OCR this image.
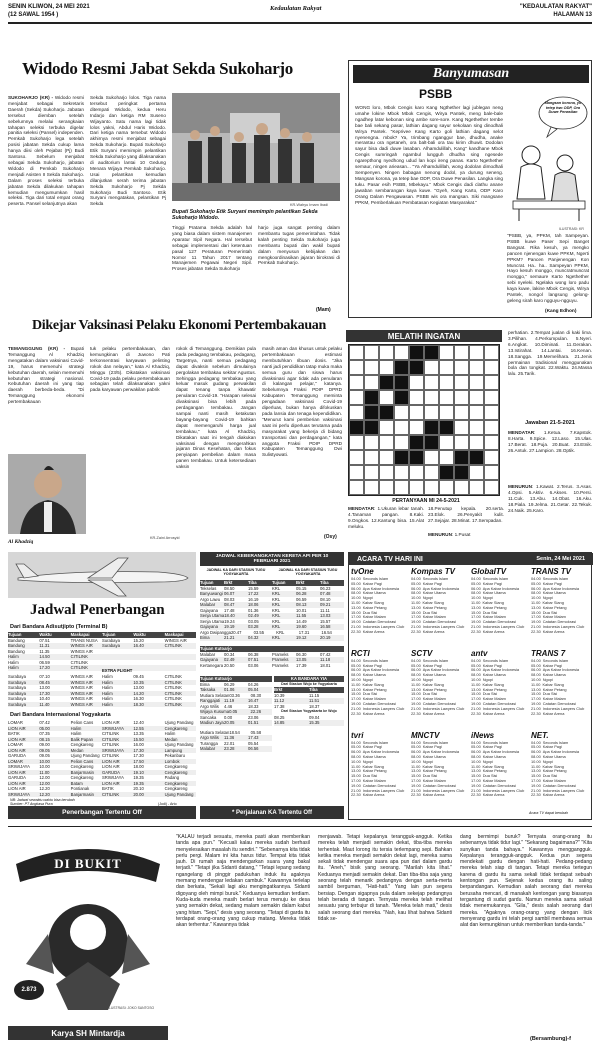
SENIN KLIWON, 24 MEI 2021
(12 SAWAL 1954 )
Kedaulatan Rakyat	"KEDAULATAN RAKYAT"
HALAMAN 13
Widodo Resmi Jabat Sekda Sukoharjo
SUKOHARJO (KR) - Widodo resmi menjabat sebagai Sekretaris Daerah (Sekda) Sukoharjo. Jabatan tersebut diemban setelah sebelumnya melalui serangkaian tahapan seleksi terbuka digelar panitia seleksi (Pansel) independen. Pemkab Sukoharjo lega setelah posisi jabatan Sekda cukup lama hanya diisi oleh Pejabat (Pj) Budi Santoso. Sebelum menjabat sebagai Sekda Sukoharjo, jabatan Widodo di Pemkab Sukoharjo menjadi Asisten II Sekda Sukoharjo. Dalam proses seleksi terbuka jabatan Sekda dilakukan tahapan kemudian mengumumkan hasil seleksi. Tiga dari total empat orang peserta. Pansel selanjutnya akan
Sekda Sukoharjo lolos. Tiga nama tersebut peringkat pertama ditempati Widodo, kedua Heru Indarjo dan ketiga RM Suseno Wijayanto. Satu nama lagi tidak lolos yakni, Abdul Haris Widodo. Dari ketiga nama tersebut Widodo akhirnya resmi menjabat sebagai Sekda Sukoharjo. Bupati Sukoharjo Etik Suryani memimpin pelantikan Sekda Sukoharjo yang dilaksanakan di auditorium lantai 10 Gedung Menara Wijaya Pemkab Sukoharjo. Usai pelantikan kemudian dilanjutkan serah terima jabatan Sekda Sukoharjo Pj Sekda Sukoharjo Budi Santoso. Etik Suryani mengatakan, pelantikan Pj Sekda	KR-Wahyu Imam Ibadi
Bupati Sukoharjo Etik Suryani memimpin pelantikan Sekda Sukoharjo Widodo.
Tinggi Pratama Sekda adalah hal yang biasa dalam sistem manajemen Aparatur Sipil Negara. Hal tersebut sebagai implementasi dari ketentuan pasal 127 Peraturan Pemerintah Nomor 11 Tahun 2017 tentang Manajemen Pegawai Negeri Sipil. Proses jabatan Sekda Sukoharjo
harjo juga sangat penting dalam membantu tugas pemerintahan. Tidak kalah penting Sekda Sukoharjo juga membantu bupati dan wakil bupati dalam menyusun kebijakan dan mengkoordinasikan jajaran birokrasi di Pemkab Sukoharjo.
(Mam)
Banyumasan
PSBB
WONG loro, Mbok Cengis karo Kang Ngthether lagi jublegan neng umahe lokine Mbok Mbok Cengis, Wirya Pantek, meng bale-bale ngadhep latar kebonan sing ambe sore-sore. Kang Ngethether tembe bae bali sekang pasar, lathian dagang sayur sekolaan sing dinodhali Wirya Pantek. "Keprivee Kang Karto goli lathian dagang selot nyenengna. mbok? Ya, trimbang nganggur bae, dhudha, anake merantau ora ngetaneh, ora balt-bali ora tau kirim dhuwit. Dodolan sayur bisa dadi duwe lasaban. Alhamdulillah, Kang" kandhane Mbok Cengis sumringah ngambul lungguh dhudha sing ngesede ngarepthong nyedhong udud lan kopi ireng panas. Karto Ngethether semaur, ningen arieasan... "Ya Alhamdulillah, wong dodolan dimodhali Sempenyen. Ningen babagan nenong dodol, ya durung seneng. Mangsan korona, ya tetep bae ODP, Ora Duwe Penasilan. Langka sing tuku. Pasar esih PSBB, Mbekayu." Mbok Cengis dadi clathu anane jawaban sembarangan kaya kuwe. "Gyeh, Kang Karto, ODP Karo Orang Dalam Pengawasan. PSBB wis ora mangsan. Siki mangsane PPKM, Pemberlakuan Pembatasan Kegiatan Masyarakat."
Mangsan korona, yo tetep two ODP, Ora Duwe Penasilan
ILUSTRASI: KR
"PSBB, ya, PPKM, tah Sampeyan. PSBB kuwe Paser Sepi Banget Bangsat. Rika kesuh, ya mengko pancen njenengan kuwe PPKM, Ngerti PPKM? Pancen Panjenengan Kon Muncrat. Ha.. ha.. Sampeyan PPKM, Hayo kesuh monggo, muncratmuncrat monggo," semaure Karto Ngethether sebi nyeleki. Ngelaka wong loro padu kaya kuwe, lakine Mbok Cengis, Wirya Pantek, nongol langsung gelong-geleng sirah karo ngguyu-ngguyu.
(Kang Edhon)
Dikejar Vaksinasi Pelaku Ekonomi Pertembakauan
TEMANGGUNG (KR) - Bupati Temanggung Al Khadziq mengatakan dalam vaksinasi Covid-19, harus memenuhi strategi kebutuhan daerah, selain memenuhi kebutuhan strategi nasional. Kebutuhan daerah ini yang tiap daerah berbeda-beda. "Di Temanggung ekonomi pertembakauan
KR-Zaini Arrosyid
Al Khadziq
tuk pelaku pertembakauan, dan kemungkinan di Juwono Pati terkonsentrasi karyawan pelinting rokok dan nelayan," kata Al Khadziq, Minggu (23/5). Dikatakan vaksinasi Covid-19 pada pelaku pertembakauan sebagian telah dilaksanakan yakni pada karyawan perwakilan pabrik
rokok di Temanggung. Demikian pula pada pedagang tembakau, pedagang, Targetnya, nanti semua pedagang dapat divaksin sebelum dimulainya pergolakan tembakau sekitar Agustus. Sehingga pedagang tembakau yang keluar masuk gudang perwakilan dapat tenang tanpa khawatir penularan Covid-19. "Harapan selesai divaksinasi bisa lebih pada perdagangan tembakau. Jangan sampai nanti masih ketakutan bayang-bayang Covid-19 bahkan dapat memengaruhi harga jual tembakau," kata Al Khadziq. Dikatakan saat ini tengah diakukan vaksinasi dengan mengerahkan jajaran Dinas Kesehatan, dan fokus penyiapan pembelian dalam masa panen tembakau. Untuk ketersediaan vaksin
masih aman dan khusus untuk pelaku pertembakauan estimasi membutuhkan ribuan dosis. "Jika nanti jadi pendidikan tatap muka maka semua guru dan siswa harus divaksinasi agar tidak ada penularan di kalangan pelajar," katanya. Sebelumnya Fraksi PDIP DPRD Kabupaten Temanggung meminta pengadaan vaksinasi Covid-19 diperluas, bukan hanya difokuskan pada lansia dan tenaga kependidikan. "Menurut kami pemberian vaksinasi saat ini perlu diperluas terutama pada masyarakat yang bekerja di bidang transportasi dan perdagangan," kata anggota Fraksi PDIP DPRD Kabupaten Temanggung Dwi Sulistyowati.
(Osy)
MELATIH INGATAN
PERTANYAAN MI 24-5-2021
MENDATAR: 1.Ukuran lebar tanah. 4.Tanaman pangan. 8.Kaki. 9.Ongkos. 12.Kantung bisa. 15.Alat meluku.
18.Penutup kepala. 20.serta. 23.Elok. 26.Penyakit kulit. 27.Sejajar. 28.Minat. 17.Sempadan.
MENURUN: 1.Pusat
perhatian. 2.Tempat jualan di kaki lima. 3.Pilihan. 4.Perkumpulan. 5.Nyeri. 6.Angkat. 10.Diminati. 11.Gerakan. 13.Istirahat. 14.Lantai. 16.Kenan. 18.Sangga. 19.Memelihara. 21.Jenis permainan tradisional menggunakan bola dan tongkat. 22.Waktu. 24.Massa lalu. 25.Tarik.
Jawaban 21-5-2021
MENDATAR: 1.Ketua. 7.Kapstok. 8.Harta. 9.Spice. 12.Laso. 15.Ulas. 17.Berat. 18.Puja. 20.Buat. 23.Etnik. 26.Antuk. 27.Lampion. 28.Optik.
MENURUN: 1.Kawat. 2.Terus. 3.Asas. 4.Opsi. 5.Aktiv. 6.Akses. 10.Persi. 11.Cuk. 13.Abu. 14.Obat. 16.Aku. 18.Piala. 19.Jelma. 21.Getar. 22.Tekuk. 24.Naik. 25.Karo.
JADWAL KEBERANGKATAN KERETA API PER 10 FEBRUARI 2021
JADWAL KA DARI STASIUN TUGU YOGYAKARTA
JADWAL KA DARI STASIUN TUGU YOGYAKARTA
Tujuan	Brkt	Tiba	Tujuan	Brkt	Tiba
Tekselas	08.50	15.59	KRL	05.15	06.23
Banyuwangi 06.07	17.22	KRL	06.28	07.48
Argo Lawu 08.03	16.19	KRL	06.59	08.10
Malabar	08.47	18.06	KRL	08.13	09.21
Gajayana	17.48	01.36	KRL	10.01	11.11
Senja Utama 18.40	02.49	KRL	11.55	13.03
Senja Utama 19.24	03.05	KRL	14.49	15.57
Gajayana	19.19	03.28	KRL	19.60	16.58
Argo Dwipangga 20.47	03.55	KRL	17.31	16.54
Bima	21.21	04.32	KRL	19.12	20.19
Tujuan Kutoarjo
Malabar	00.34	06.38	Prameks	06.30	07.42
Gajayana	02.49	07.51	Prameks	13.05	11.18
Kertanegara 20.50	03.06	Prameks	17.39	18.01
Tujuan Kutoarjo
Bima	06.29	04.26
Taksaka	01.06	05.04
Mutiara Selatan 03.36	08.30
Ranggajati 11.19	16.47
Argo Wilis	4.46	18.33
Wijaya Kusuma 0.05	22.26
Sancaka	0.00	23.06
Madiun Jaya 20.05	01.51
Mutiara Selatan 18.54	05.58
Argo Wilis	11.36	17.43
Turangga	22.01	05.54
Malabar	23.28	06.56
KA BANDARA YIA
Dari Stasiun Wojo ke Yogyakarta
Brkt	Tiba
10.39	11.15
11.12	11.51
17.38	18.37
Dari Stasiun Yogyakarta ke Wojo
08.25	09.04
14.85	15.35
* Perjalanan KA Tertentu Off
Jadwal Penerbangan
Dari Bandara Adisutjipto (Terminal B)
Tujuan	Waktu	Maskapai	Tujuan	Waktu	Maskapai
Bandung	07.51	TRANS NUSA	Surabaya	15.20	WINGS AIR
Bandung	11.31	WINGS AIR	Surabaya	16.40	CITILINK
Bandung	11.35	WINGS AIR
Halim	14.50	CITILINK
Halim	06.59	CITILINK
Halim	17.20	CITILINK
EXTRA FLIGHT
Surabaya	07.10	WINGS AIR	Halim	09.45	CITILINK
Surabaya	08.45	WINGS AIR	Halim	10.35	CITILINK
Surabaya	13.00	WINGS AIR	Halim	13.00	CITILINK
Surabaya	17.30	WINGS AIR	Halim	14.20	CITILINK
Surabaya	10.40	WINGS AIR	Halim	16.30	CITILINK
Surabaya	11.40	WINGS AIR	Halim	18.30	CITILINK
Dari Bandara Internasional Yogyakarta
LOMAR	07.42	Pelion Cans	LION AIR	12.40	Ujung Pandang
LION AIR	05.00	Halim	SRIWIJAYA	12.55	Cengkareng
BATIK	07.35	Halim	CITILINK	13.35	Halim
LION AIR	08.15	Balik Papan	CITILINK	15.50	Medan
LOMAR	09.00	Cengkareng	CITILINK	16.00	Ujung Pandang
LION AIR	09.05	Medan	SRIWIJAYA	17.30	Lampung
GARUDA	09.05	Ujung Pandang CITILINK	17.30	Pekanbaru
LOMAR	10.00	Pelion Cans	LION AIR	17.50	Lombok
SRIWIJAYA	10.00	Cengkareng	LION AIR	18.00	Cengkareng
LION AIR	11.00	Banjarmasin	GARUDA	19.10	Cengkareng
GARUDA	12.00	Cengkareng	SRIWIJAYA	19.35	Padang
LION AIR	12.00	Batam	LION AIR	19.35	Cengkareng
LION AIR	12.20	Pontianak	BATIK	20.10	Cengkareng
SRIWIJAYA	12.20	Banjarmasin	CITILINK	20.00	Ujung Pandang
NB: Jadwal sewaktu-waktu bisa berubah
Sumber: PT Angkasa Pura	(Jodi) - Arto
Penerbangan Tertentu Off
ACARA TV HARI INI	Senin, 24 Mei 2021
tvOne
04.00 Seconds Islam
05.00 Kabar Pagi
06.00 Apa Kabar Indonesia
08.00 Kabar Utama
10.00 Ngopi
11.00 Kabar Siang
13.00 Kabar Petang
15.00 Dua Sisi
17.00 Kabar Malam
19.00 Catatan Demokrasi
21.00 Indonesia Lawyers Club
22.30 Kabar Arena
Kompas TV
04.00 Seconds Islam
05.00 Kabar Pagi
06.00 Apa Kabar Indonesia
08.00 Kabar Utama
10.00 Ngopi
11.00 Kabar Siang
13.00 Kabar Petang
15.00 Dua Sisi
17.00 Kabar Malam
19.00 Catatan Demokrasi
21.00 Indonesia Lawyers Club
22.30 Kabar Arena
GlobalTV
04.00 Seconds Islam
05.00 Kabar Pagi
06.00 Apa Kabar Indonesia
08.00 Kabar Utama
10.00 Ngopi
11.00 Kabar Siang
13.00 Kabar Petang
15.00 Dua Sisi
17.00 Kabar Malam
19.00 Catatan Demokrasi
21.00 Indonesia Lawyers Club
22.30 Kabar Arena
TRANS TV
04.00 Seconds Islam
05.00 Kabar Pagi
06.00 Apa Kabar Indonesia
08.00 Kabar Utama
10.00 Ngopi
11.00 Kabar Siang
13.00 Kabar Petang
15.00 Dua Sisi
17.00 Kabar Malam
19.00 Catatan Demokrasi
21.00 Indonesia Lawyers Club
22.30 Kabar Arena
RCTI
04.00 Seconds Islam
05.00 Kabar Pagi
06.00 Apa Kabar Indonesia
08.00 Kabar Utama
10.00 Ngopi
11.00 Kabar Siang
13.00 Kabar Petang
15.00 Dua Sisi
17.00 Kabar Malam
19.00 Catatan Demokrasi
21.00 Indonesia Lawyers Club
22.30 Kabar Arena
SCTV
04.00 Seconds Islam
05.00 Kabar Pagi
06.00 Apa Kabar Indonesia
08.00 Kabar Utama
10.00 Ngopi
11.00 Kabar Siang
13.00 Kabar Petang
15.00 Dua Sisi
17.00 Kabar Malam
19.00 Catatan Demokrasi
21.00 Indonesia Lawyers Club
22.30 Kabar Arena
antv
04.00 Seconds Islam
05.00 Kabar Pagi
06.00 Apa Kabar Indonesia
08.00 Kabar Utama
10.00 Ngopi
11.00 Kabar Siang
13.00 Kabar Petang
15.00 Dua Sisi
17.00 Kabar Malam
19.00 Catatan Demokrasi
21.00 Indonesia Lawyers Club
22.30 Kabar Arena
TRANS 7
04.00 Seconds Islam
05.00 Kabar Pagi
06.00 Apa Kabar Indonesia
08.00 Kabar Utama
10.00 Ngopi
11.00 Kabar Siang
13.00 Kabar Petang
15.00 Dua Sisi
17.00 Kabar Malam
19.00 Catatan Demokrasi
21.00 Indonesia Lawyers Club
22.30 Kabar Arena
tvri
04.00 Seconds Islam
05.00 Kabar Pagi
06.00 Apa Kabar Indonesia
08.00 Kabar Utama
10.00 Ngopi
11.00 Kabar Siang
13.00 Kabar Petang
15.00 Dua Sisi
17.00 Kabar Malam
19.00 Catatan Demokrasi
21.00 Indonesia Lawyers Club
22.30 Kabar Arena
MNCTV
04.00 Seconds Islam
05.00 Kabar Pagi
06.00 Apa Kabar Indonesia
08.00 Kabar Utama
10.00 Ngopi
11.00 Kabar Siang
13.00 Kabar Petang
15.00 Dua Sisi
17.00 Kabar Malam
19.00 Catatan Demokrasi
21.00 Indonesia Lawyers Club
22.30 Kabar Arena
iNews
04.00 Seconds Islam
05.00 Kabar Pagi
06.00 Apa Kabar Indonesia
08.00 Kabar Utama
10.00 Ngopi
11.00 Kabar Siang
13.00 Kabar Petang
15.00 Dua Sisi
17.00 Kabar Malam
19.00 Catatan Demokrasi
21.00 Indonesia Lawyers Club
22.30 Kabar Arena
NET.
04.00 Seconds Islam
05.00 Kabar Pagi
06.00 Apa Kabar Indonesia
08.00 Kabar Utama
10.00 Ngopi
11.00 Kabar Siang
13.00 Kabar Petang
15.00 Dua Sisi
17.00 Kabar Malam
19.00 Catatan Demokrasi
21.00 Indonesia Lawyers Club
22.30 Kabar Arena
Acara TV dapat berubah
DI BUKIT KEMBANG
2.873
ILUSTRASI: JOKO SANTOSO
Karya SH Mintardja
"KALAU terjadi sesuatu, mereka pasti akan memberikan tanda apa pun." "Kecuali kalau mereka sudah berhasil menyelesaikan masalah itu sendiri." "Sebenarnya kita tidak perlu pergi. Malam ini kita harus tidur. Tempat kita tidak jauh. Di rumah saja mendengarkan suara yang bakal terjadi." "Tetapi jika Sidanti datang," "Tetapi lepang sedang ngangelang di pinggir padukuhan induk itu agaknya memang mendengar ledakan cambuk." Kawannya terlelap dan berkata, "Sekali lagi aku mengingatkannya. Sidanti digoyang oleh mimpi buruk." Keduanya kemudian terdiam. Kuda-kuda mereka masih berlari terus menuju ke desa yang semakin dekat, sedang malam semakin dalam kabut yang hitam. "Sepi," desis yang seorang. "Tetapi di garda itu terdapat orang-orang yang cukup matang. Mereka tidak akan terhentur." Kawannya tidak
menjawab. Tetapi kepalanya terangguk-angguk. Ketika mereka telah menjadi semakin dekat, tiba-tiba mereka terhentak. Maut lorong itu tersia terlempang sepi. Bahkan ketika mereka menjadi semakin dekat lagi, mereka sama sekali tidak mendengar suara apa pun dari dalam gardu itu. "Aneh," bisik yang seorang. "Marilah kita lihat." Keduanya menjadi semakin dekat. Dan tiba-tiba saja yang seorang telah menarik pedangnya dengan serta-merta sambil berguman, "Hati-hati." Yang lain pun segera bersiap. Dengan sigapnya pula dalam sekejap pedangnya telah berada di tangan. Ternyata mereka telah melihat sesuatu yang terbujur di tanah. "Mereka telah mati," desis salah seorang dari mereka. "Nah, kau lihat bahwa Sidanti tidak se-
dang bermimpi buruk? Ternyata orang-orang itu sebenarnya tidak tidur lagi." "Sekarang bagaimana?" "Kita sunyikan tanda bahaya." Kawannya menggangguk. Kepalanya terangguk-angguk. Kedua pun segera mendekati gardu dengan hati-hati. Pedang-pedang mereka telah siap di tangan. Tetapi mereka tertegun karena di gardu itu sama sekali tidak terdapat sebuah kentongan pun. Sejenak kedua orang itu saling berpandangan. Kemudian salah seorang dari mereka berusaha mencari, di manakah kentongan yang biasanya tergantung di sudut gardu. Namun mereka sama sekali tidak menemukannya. "Gila," desis salah seorang dari mereka. "Agaknya orang-orang yang dengan licik menyerang gardu ini telah pergi sambil membawa semua alat dan kemungkinan untuk memberikan tanda-tanda."
(Bersambung)-f
